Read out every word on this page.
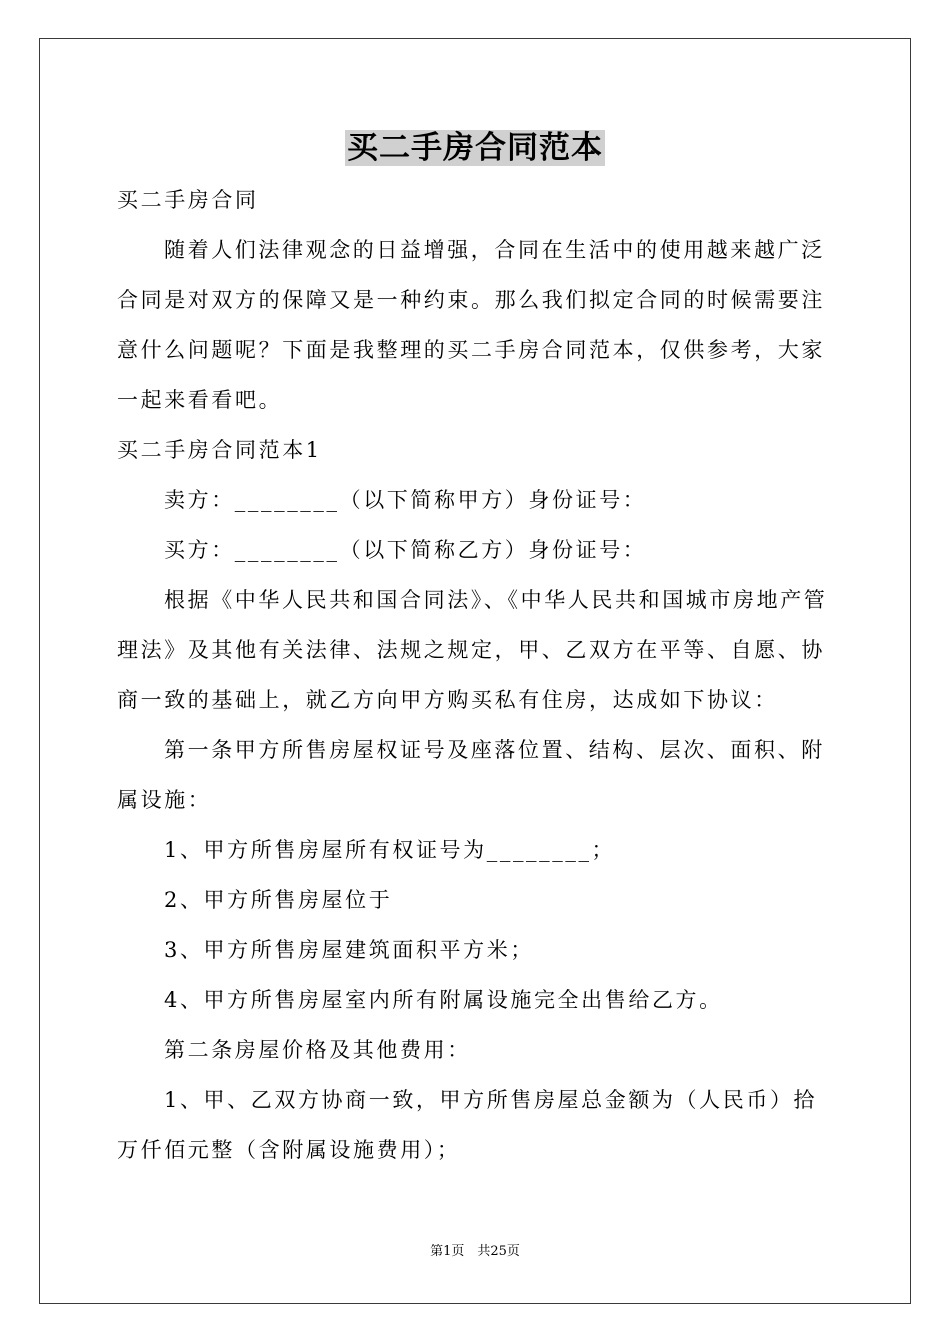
买二手房合同范本

买二手房合同

随着人们法律观念的日益增强，合同在生活中的使用越来越广泛合同是对双方的保障又是一种约束。那么我们拟定合同的时候需要注意什么问题呢？下面是我整理的买二手房合同范本，仅供参考，大家一起来看看吧。

买二手房合同范本1

卖方：________（以下简称甲方）身份证号：

买方：________（以下简称乙方）身份证号：

根据《中华人民共和国合同法》、《中华人民共和国城市房地产管理法》及其他有关法律、法规之规定，甲、乙双方在平等、自愿、协商一致的基础上，就乙方向甲方购买私有住房，达成如下协议：

第一条甲方所售房屋权证号及座落位置、结构、层次、面积、附属设施：

1、甲方所售房屋所有权证号为________；

2、甲方所售房屋位于

3、甲方所售房屋建筑面积平方米；

4、甲方所售房屋室内所有附属设施完全出售给乙方。

第二条房屋价格及其他费用：

1、甲、乙双方协商一致，甲方所售房屋总金额为（人民币）拾万仟佰元整（含附属设施费用）；

第1页　共25页
